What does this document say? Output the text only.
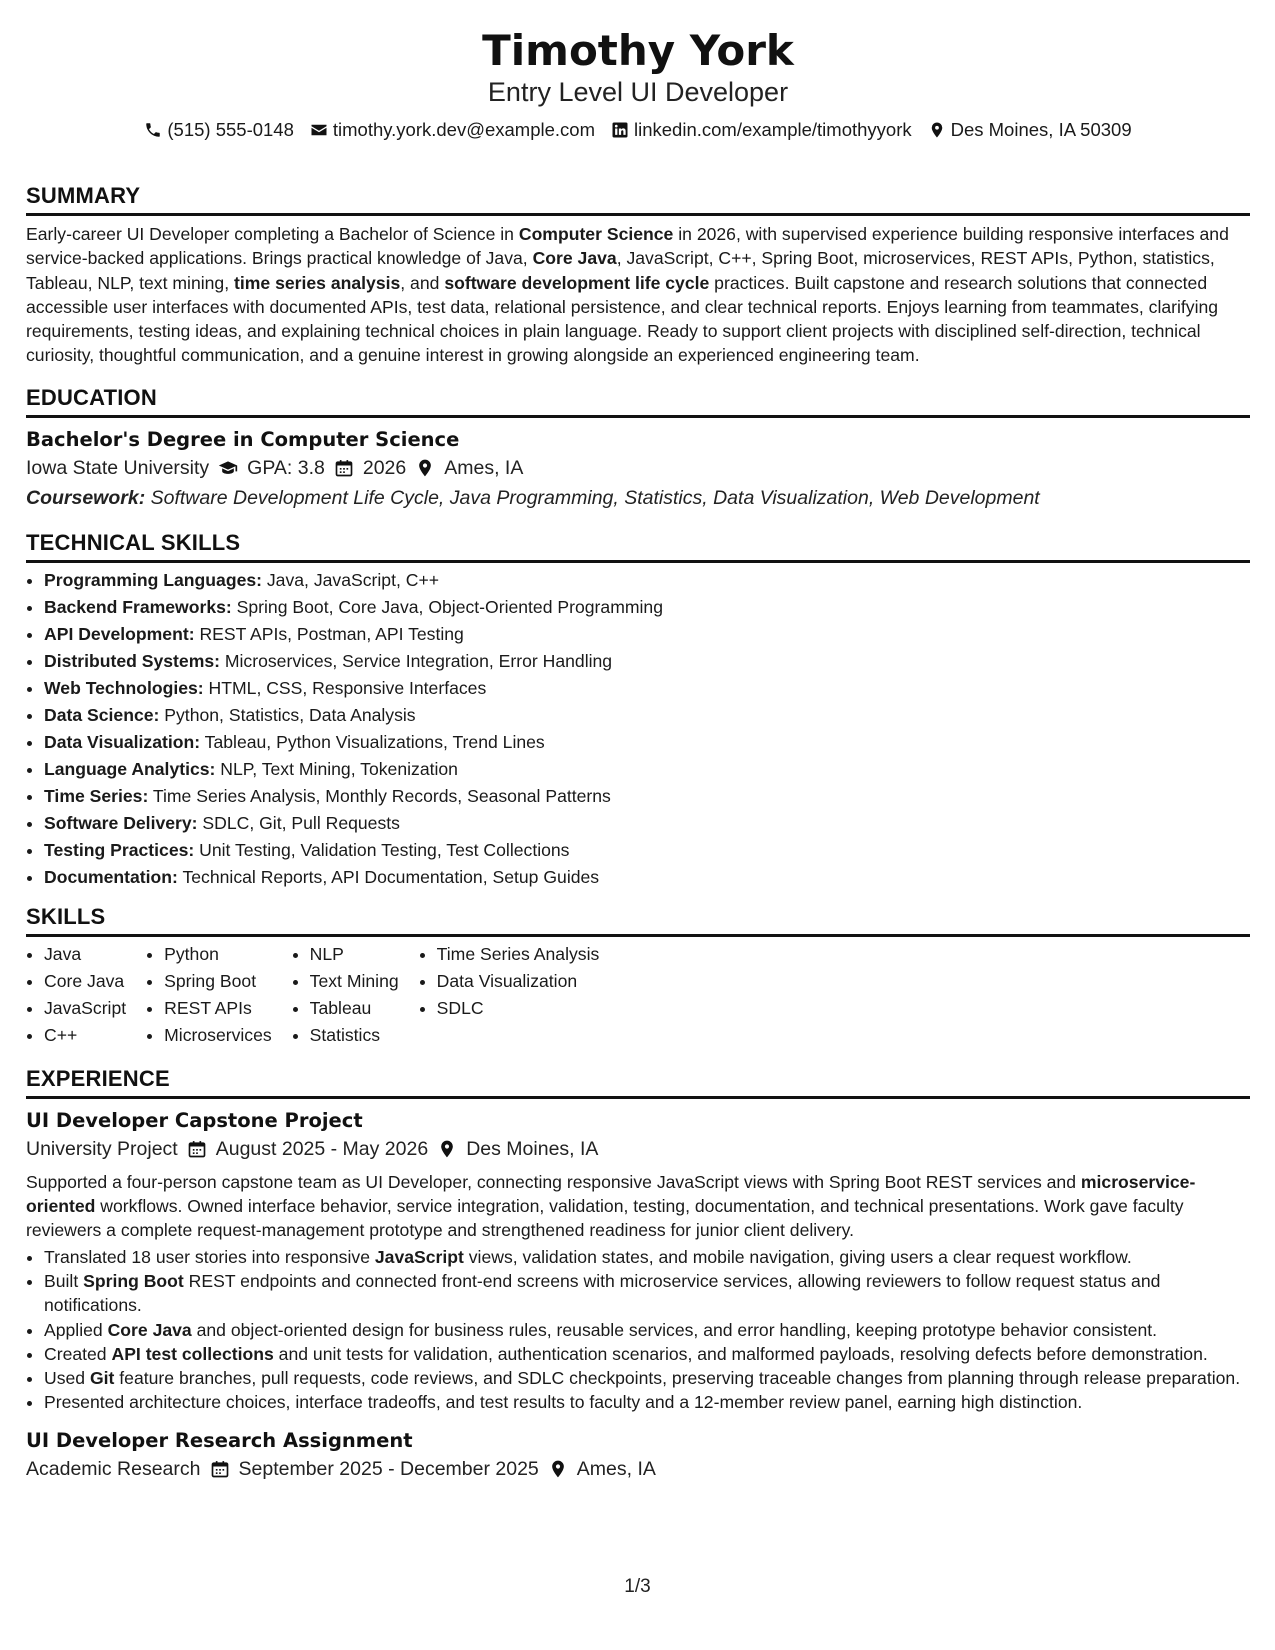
Timothy York
Entry Level UI Developer
(515) 555-0148 timothy.york.dev@example.com linkedin.com/example/timothyyork Des Moines, IA 50309
SUMMARY

Early-career UI Developer completing a Bachelor of Science in Computer Science in 2026, with supervised experience building responsive interfaces and service-backed applications. Brings practical knowledge of Java, Core Java, JavaScript, C++, Spring Boot, microservices, REST APIs, Python, statistics, Tableau, NLP, text mining, time series analysis, and software development life cycle practices. Built capstone and research solutions that connected accessible user interfaces with documented APIs, test data, relational persistence, and clear technical reports. Enjoys learning from teammates, clarifying requirements, testing ideas, and explaining technical choices in plain language. Ready to support client projects with disciplined self-direction, technical curiosity, thoughtful communication, and a genuine interest in growing alongside an experienced engineering team.

EDUCATION
Bachelor's Degree in Computer Science
Iowa State University GPA: 3.8 2026 Ames, IA
Coursework: Software Development Life Cycle, Java Programming, Statistics, Data Visualization, Web Development
TECHNICAL SKILLS
• Programming Languages: Java, JavaScript, C++
• Backend Frameworks: Spring Boot, Core Java, Object-Oriented Programming
• API Development: REST APIs, Postman, API Testing
• Distributed Systems: Microservices, Service Integration, Error Handling
• Web Technologies: HTML, CSS, Responsive Interfaces
• Data Science: Python, Statistics, Data Analysis
• Data Visualization: Tableau, Python Visualizations, Trend Lines
• Language Analytics: NLP, Text Mining, Tokenization
• Time Series: Time Series Analysis, Monthly Records, Seasonal Patterns
• Software Delivery: SDLC, Git, Pull Requests
• Testing Practices: Unit Testing, Validation Testing, Test Collections
• Documentation: Technical Reports, API Documentation, Setup Guides
SKILLS
• Java
• Core Java
• JavaScript
• C++
• Python
• Spring Boot
• REST APIs
• Microservices
• NLP
• Text Mining
• Tableau
• Statistics
• Time Series Analysis
• Data Visualization
• SDLC
EXPERIENCE
UI Developer Capstone Project
University Project August 2025 - May 2026 Des Moines, IA

Supported a four-person capstone team as UI Developer, connecting responsive JavaScript views with Spring Boot REST services and microservice-oriented workflows. Owned interface behavior, service integration, validation, testing, documentation, and technical presentations. Work gave faculty reviewers a complete request-management prototype and strengthened readiness for junior client delivery.

• Translated 18 user stories into responsive JavaScript views, validation states, and mobile navigation, giving users a clear request workflow.
• Built Spring Boot REST endpoints and connected front-end screens with microservice services, allowing reviewers to follow request status and notifications.
• Applied Core Java and object-oriented design for business rules, reusable services, and error handling, keeping prototype behavior consistent.
• Created API test collections and unit tests for validation, authentication scenarios, and malformed payloads, resolving defects before demonstration.
• Used Git feature branches, pull requests, code reviews, and SDLC checkpoints, preserving traceable changes from planning through release preparation.
• Presented architecture choices, interface tradeoffs, and test results to faculty and a 12-member review panel, earning high distinction.
UI Developer Research Assignment
Academic Research September 2025 - December 2025 Ames, IA
1/3
